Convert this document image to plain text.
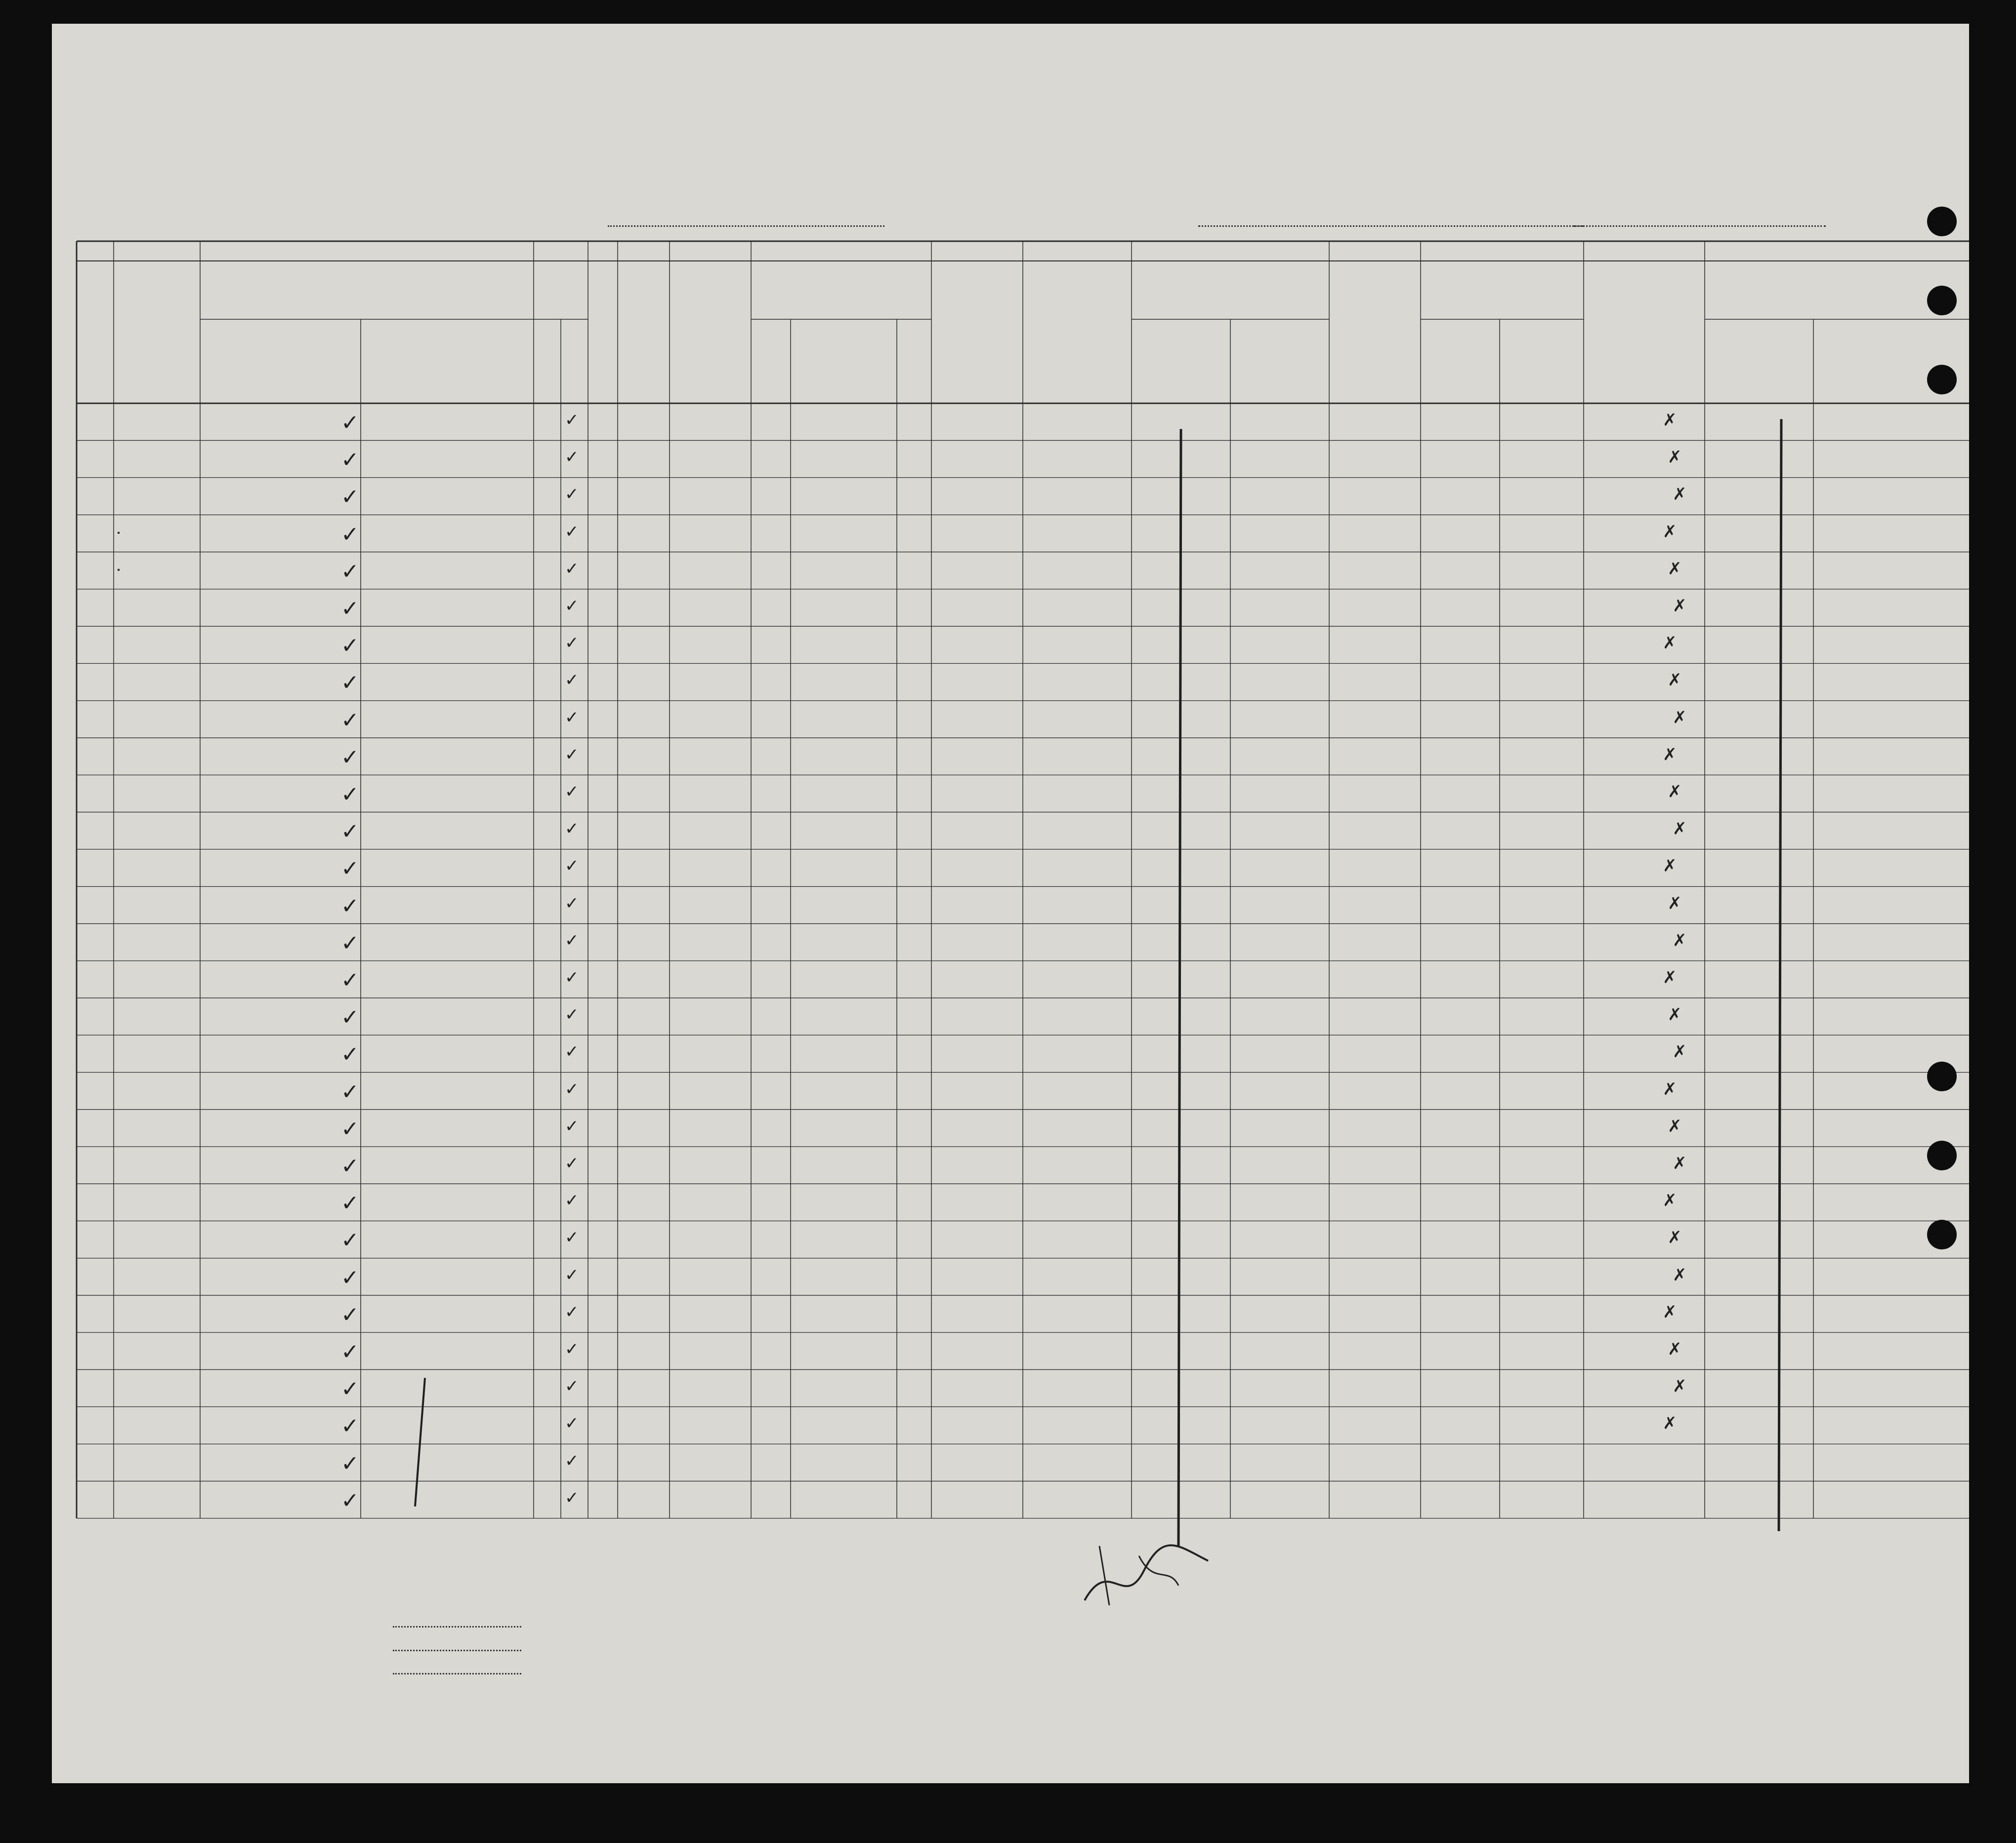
✓	✓	✗
✓	✓	✗
✓	✓	✗
✓	✓	✗
✓	✓	✗
✓	✓	✗
✓	✓	✗
✓	✓	✗
✓	✓	✗
✓	✓	✗
✓	✓	✗
✓	✓	✗
✓	✓	✗
✓	✓	✗
✓	✓	✗
✓	✓	✗
✓	✓	✗
✓	✓	✗
✓	✓	✗
✓	✓	✗
✓	✓	✗
✓	✓	✗
✓	✓	✗
✓	✓	✗
✓	✓	✗
✓	✓	✗
✓	✓	✗
✓	✓	✗
✓	✓
✓	✓
